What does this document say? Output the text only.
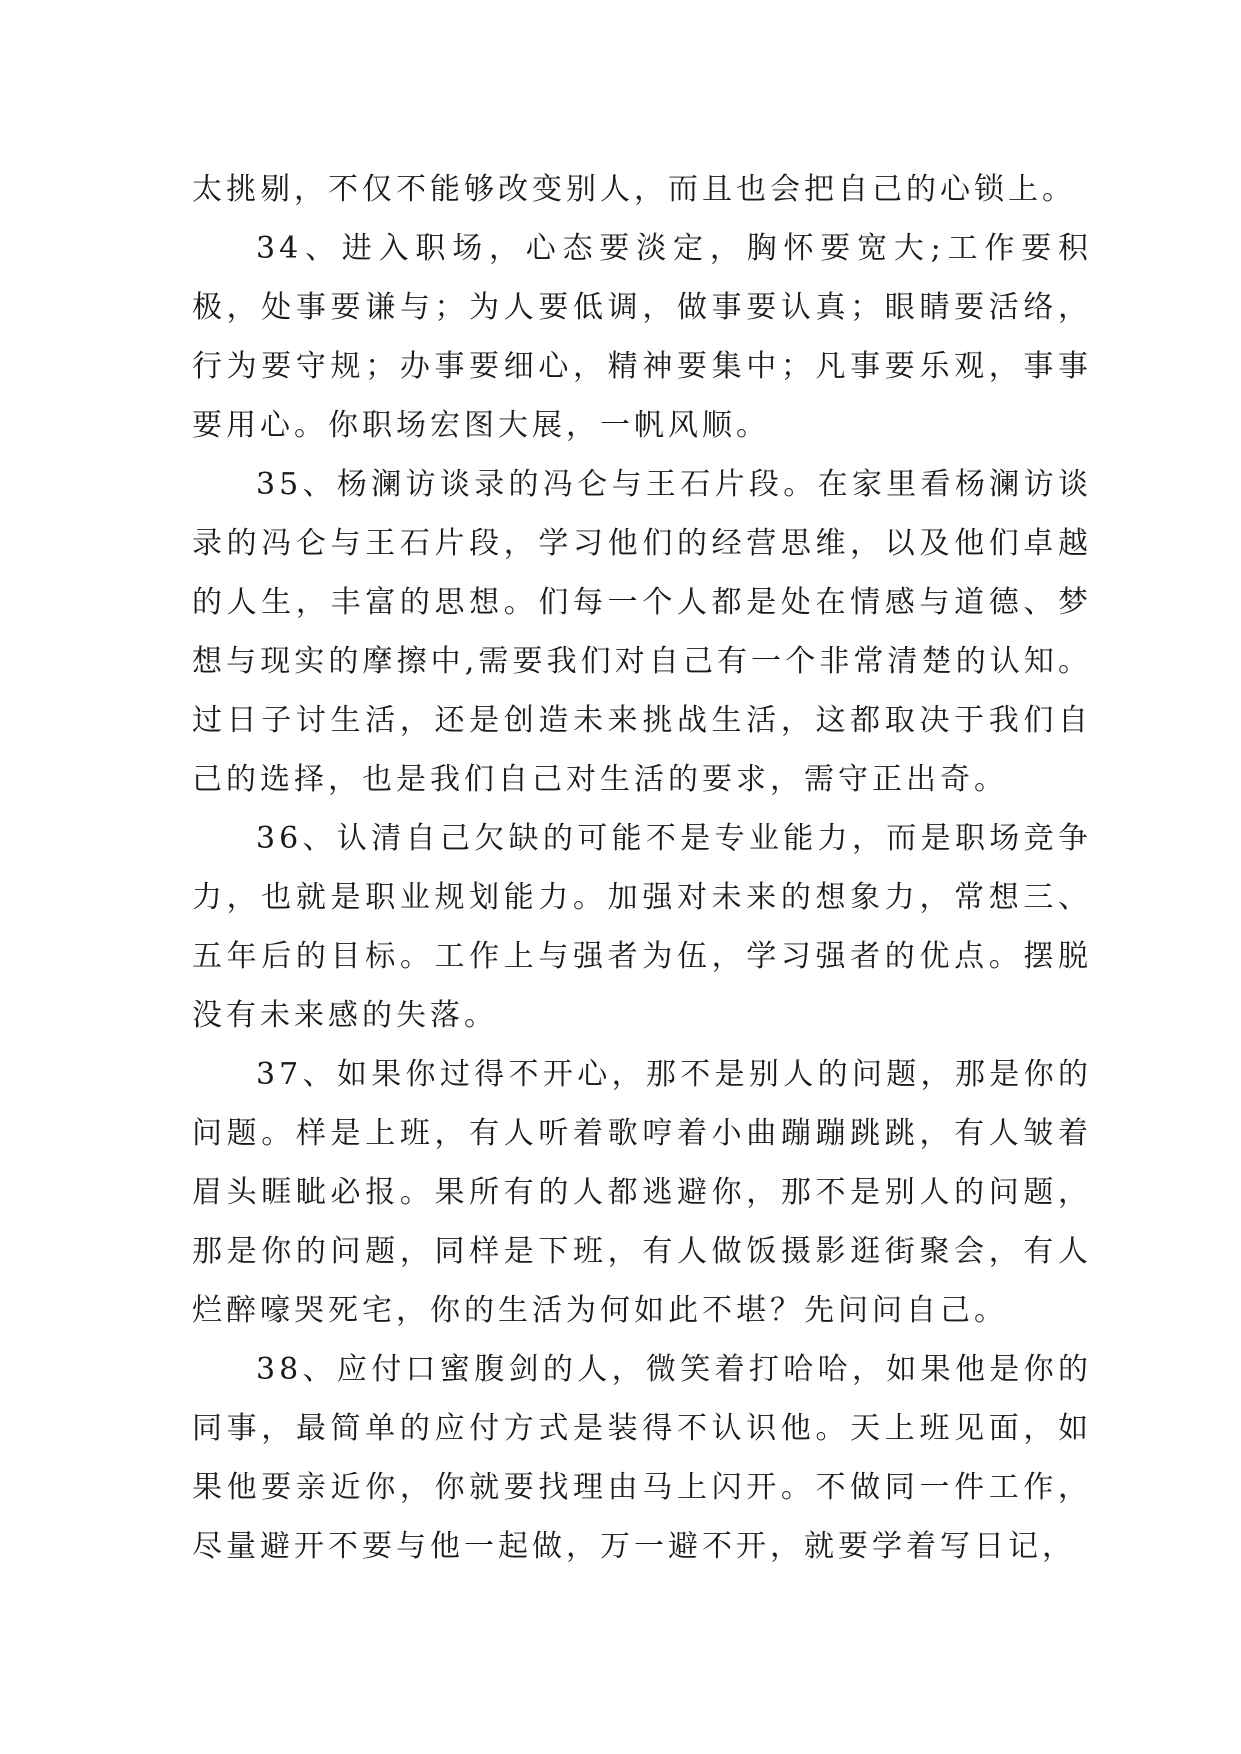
太挑剔，不仅不能够改变别人，而且也会把自己的心锁上。

34、进入职场，心态要淡定，胸怀要宽大;工作要积极，处事要谦与；为人要低调，做事要认真；眼睛要活络，行为要守规；办事要细心，精神要集中；凡事要乐观，事事要用心。你职场宏图大展，一帆风顺。

35、杨澜访谈录的冯仑与王石片段。在家里看杨澜访谈录的冯仑与王石片段，学习他们的经营思维，以及他们卓越的人生，丰富的思想。们每一个人都是处在情感与道德、梦想与现实的摩擦中,需要我们对自己有一个非常清楚的认知。过日子讨生活，还是创造未来挑战生活，这都取决于我们自己的选择，也是我们自己对生活的要求，需守正出奇。

36、认清自己欠缺的可能不是专业能力，而是职场竞争力，也就是职业规划能力。加强对未来的想象力，常想三、五年后的目标。工作上与强者为伍，学习强者的优点。摆脱没有未来感的失落。

37、如果你过得不开心，那不是别人的问题，那是你的问题。样是上班，有人听着歌哼着小曲蹦蹦跳跳，有人皱着眉头睚眦必报。果所有的人都逃避你，那不是别人的问题，那是你的问题，同样是下班，有人做饭摄影逛街聚会，有人烂醉嚎哭死宅，你的生活为何如此不堪？先问问自己。

38、应付口蜜腹剑的人，微笑着打哈哈，如果他是你的同事，最简单的应付方式是装得不认识他。天上班见面，如果他要亲近你，你就要找理由马上闪开。不做同一件工作，尽量避开不要与他一起做，万一避不开，就要学着写日记，
